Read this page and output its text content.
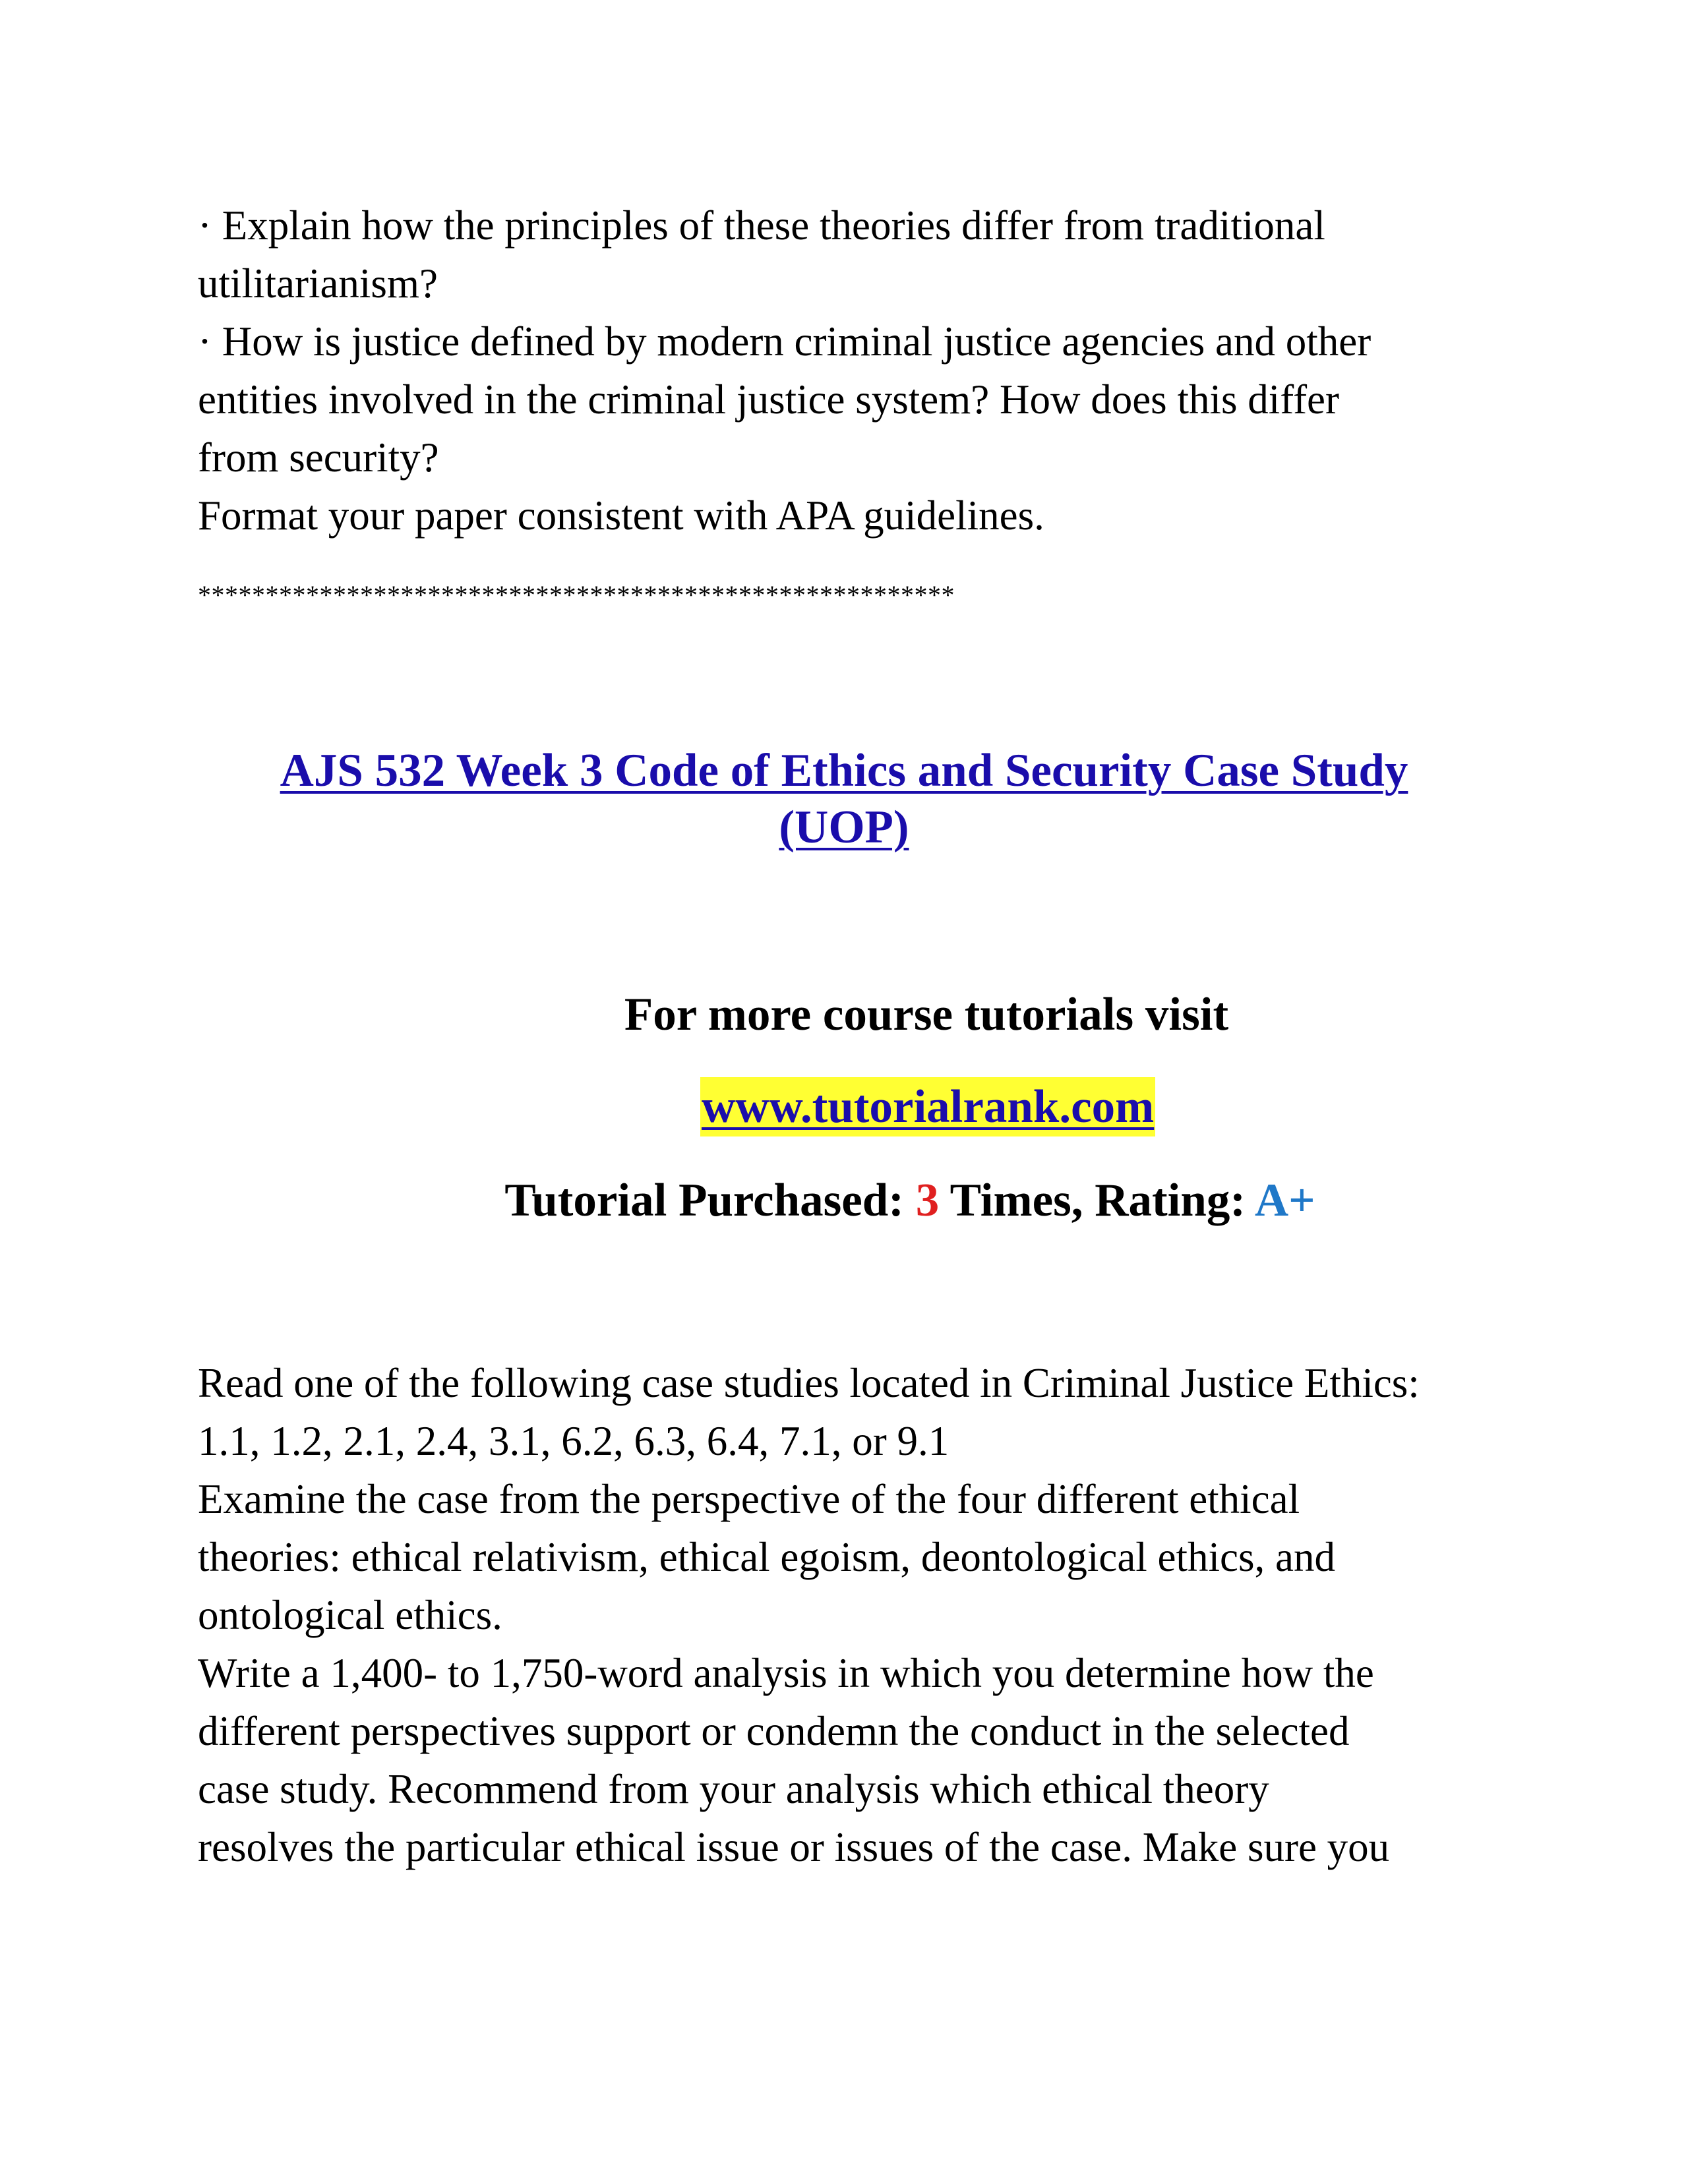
· Explain how the principles of these theories differ from traditional
utilitarianism?
· How is justice defined by modern criminal justice agencies and other
entities involved in the criminal justice system? How does this differ
from security?
Format your paper consistent with APA guidelines.
********************************************************
AJS 532 Week 3 Code of Ethics and Security Case Study
(UOP)
For more course tutorials visit
www.tutorialrank.com
Tutorial Purchased: 3 Times, Rating: A+
Read one of the following case studies located in Criminal Justice Ethics:
1.1, 1.2, 2.1, 2.4, 3.1, 6.2, 6.3, 6.4, 7.1, or 9.1
Examine the case from the perspective of the four different ethical
theories: ethical relativism, ethical egoism, deontological ethics, and
ontological ethics.
Write a 1,400- to 1,750-word analysis in which you determine how the
different perspectives support or condemn the conduct in the selected
case study. Recommend from your analysis which ethical theory
resolves the particular ethical issue or issues of the case. Make sure you
